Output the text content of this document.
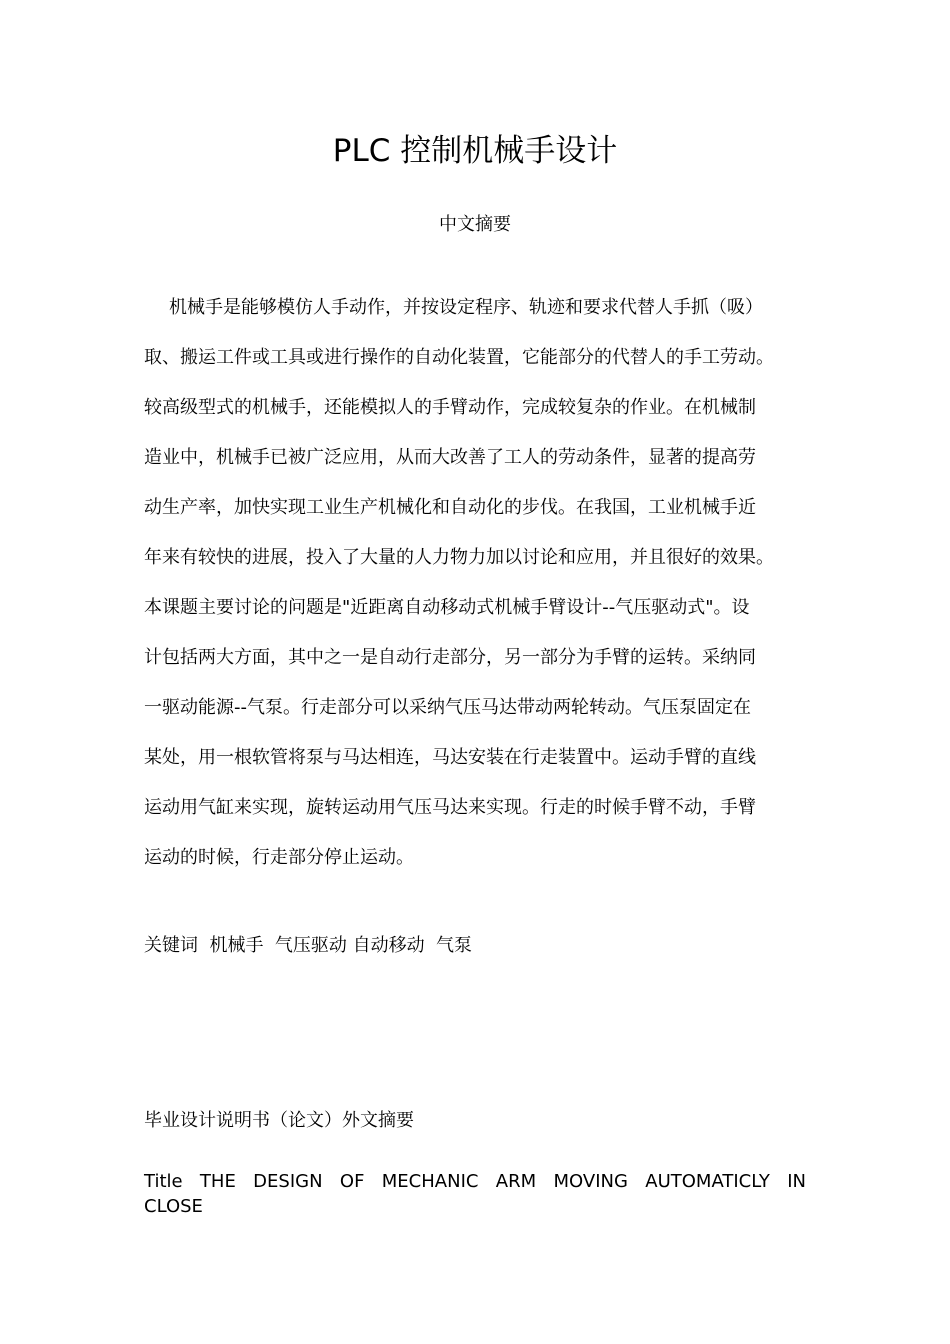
PLC 控制机械手设计
中文摘要
机械手是能够模仿人手动作，并按设定程序、轨迹和要求代替人手抓（吸）
取、搬运工件或工具或进行操作的自动化装置，它能部分的代替人的手工劳动。
较高级型式的机械手，还能模拟人的手臂动作，完成较复杂的作业。在机械制
造业中，机械手已被广泛应用，从而大改善了工人的劳动条件，显著的提高劳
动生产率，加快实现工业生产机械化和自动化的步伐。在我国，工业机械手近
年来有较快的进展，投入了大量的人力物力加以讨论和应用，并且很好的效果。
本课题主要讨论的问题是"近距离自动移动式机械手臂设计--气压驱动式"。设
计包括两大方面，其中之一是自动行走部分，另一部分为手臂的运转。采纳同
一驱动能源--气泵。行走部分可以采纳气压马达带动两轮转动。气压泵固定在
某处，用一根软管将泵与马达相连，马达安装在行走装置中。运动手臂的直线
运动用气缸来实现，旋转运动用气压马达来实现。行走的时候手臂不动，手臂
运动的时候，行走部分停止运动。

关键词  机械手  气压驱动 自动移动  气泵

毕业设计说明书（论文）外文摘要
Title THE DESIGN OF MECHANIC ARM MOVING AUTOMATICLY IN
CLOSE
